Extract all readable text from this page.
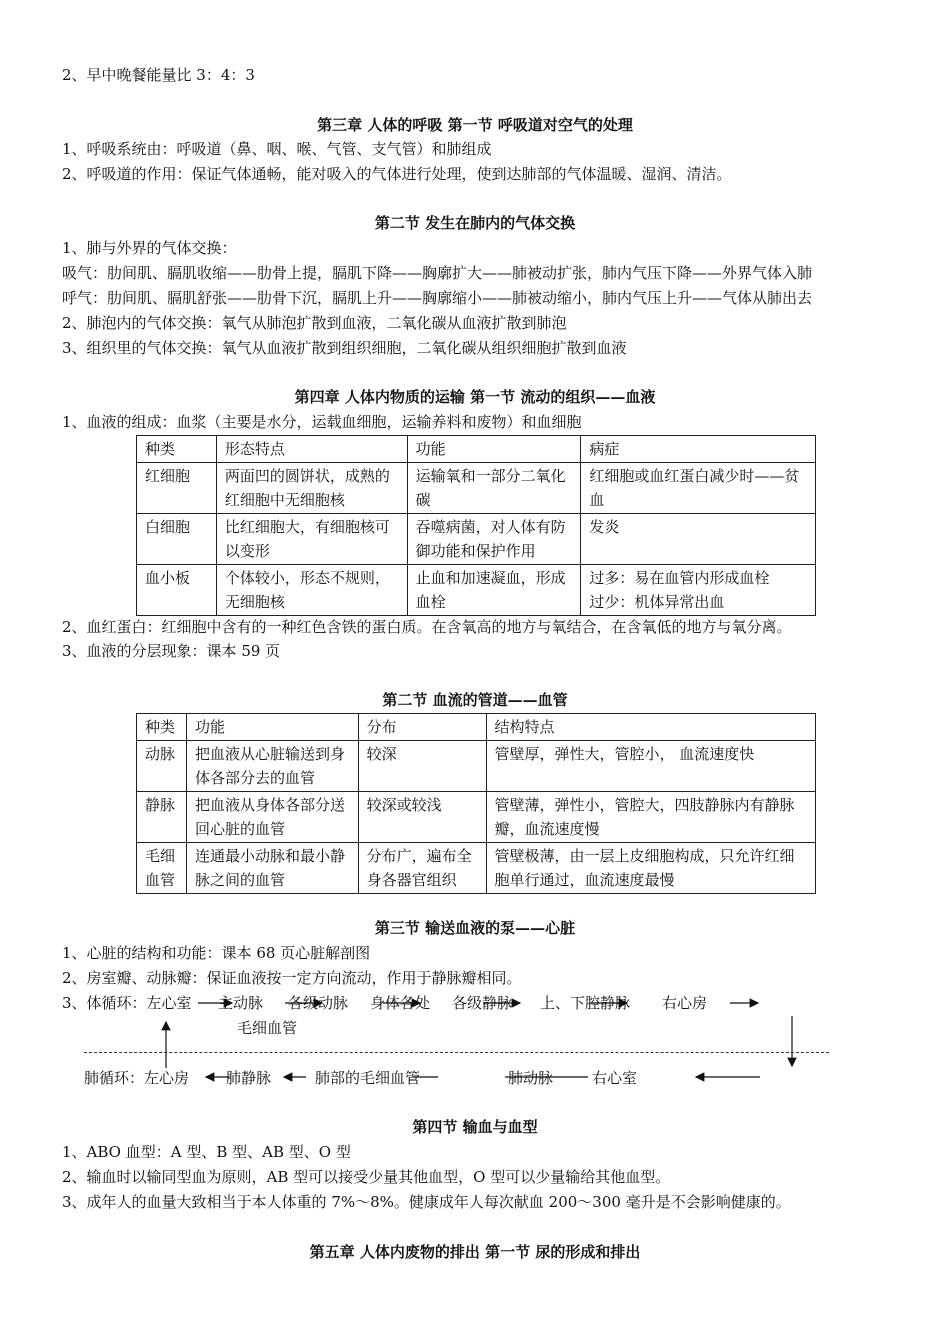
2、早中晚餐能量比 3：4：3
第三章 人体的呼吸 第一节 呼吸道对空气的处理
1、呼吸系统由：呼吸道（鼻、咽、喉、气管、支气管）和肺组成
2、呼吸道的作用：保证气体通畅，能对吸入的气体进行处理，使到达肺部的气体温暖、湿润、清洁。
第二节 发生在肺内的气体交换
1、肺与外界的气体交换：
吸气：肋间肌、膈肌收缩——肋骨上提，膈肌下降——胸廓扩大——肺被动扩张，肺内气压下降——外界气体入肺
呼气：肋间肌、膈肌舒张——肋骨下沉，膈肌上升——胸廓缩小——肺被动缩小，肺内气压上升——气体从肺出去
2、肺泡内的气体交换：氧气从肺泡扩散到血液，二氧化碳从血液扩散到肺泡
3、组织里的气体交换：氧气从血液扩散到组织细胞，二氧化碳从组织细胞扩散到血液
第四章 人体内物质的运输 第一节 流动的组织——血液
1、血液的组成：血浆（主要是水分，运载血细胞，运输养料和废物）和血细胞
种类	形态特点	功能	病症
红细胞	两面凹的圆饼状，成熟的红细胞中无细胞核	运输氧和一部分二氧化碳	红细胞或血红蛋白减少时——贫血
白细胞	比红细胞大，有细胞核可以变形	吞噬病菌，对人体有防御功能和保护作用	发炎
血小板	个体较小，形态不规则，无细胞核	止血和加速凝血，形成血栓	过多：易在血管内形成血栓
过少：机体异常出血
2、血红蛋白：红细胞中含有的一种红色含铁的蛋白质。在含氧高的地方与氧结合，在含氧低的地方与氧分离。
3、血液的分层现象：课本 59 页
第二节 血流的管道——血管
种类	功能	分布	结构特点
动脉	把血液从心脏输送到身体各部分去的血管	较深	管壁厚，弹性大，管腔小， 血流速度快
静脉	把血液从身体各部分送回心脏的血管	较深或较浅	管壁薄，弹性小，管腔大，四肢静脉内有静脉瓣，血流速度慢
毛细血管	连通最小动脉和最小静脉之间的血管	分布广，遍布全身各器官组织	管壁极薄，由一层上皮细胞构成，只允许红细胞单行通过，血流速度最慢
第三节 输送血液的泵——心脏
1、心脏的结构和功能：课本 68 页心脏解剖图
2、房室瓣、动脉瓣：保证血液按一定方向流动，作用于静脉瓣相同。
3、体循环：左心室 主动脉 各级动脉 身体各处 各级静脉 上、下腔静脉 右心房
毛细血管
肺循环：左心房 肺静脉	肺部的毛细血管	肺动脉	右心室
第四节 输血与血型
1、ABO 血型：A 型、B 型、AB 型、O 型
2、输血时以输同型血为原则，AB 型可以接受少量其他血型，O 型可以少量输给其他血型。
3、成年人的血量大致相当于本人体重的 7%～8%。健康成年人每次献血 200～300 毫升是不会影响健康的。
第五章 人体内废物的排出 第一节 尿的形成和排出
